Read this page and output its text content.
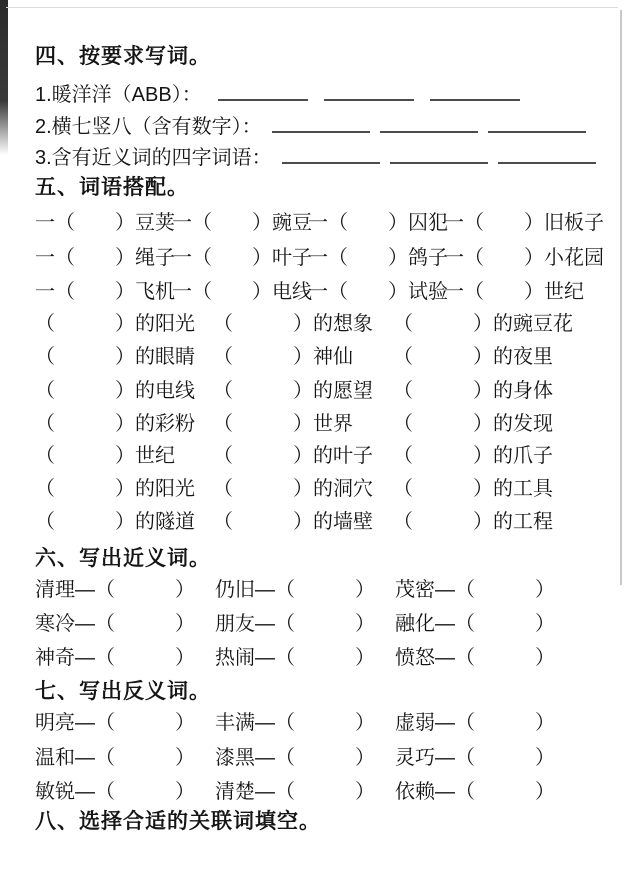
四、按要求写词。
1.暖洋洋（ABB）：
2.横七竖八（含有数字）：
3.含有近义词的四字词语：
五、词语搭配。
一（　　）豆荚
一（　　）豌豆
一（　　）囚犯
一（　　）旧板子
一（　　）绳子
一（　　）叶子
一（　　）鸽子
一（　　）小花园
一（　　）飞机
一（　　）电线
一（　　）试验
一（　　）世纪
（　　　）的阳光 （　　　）的想象 （　　　）的豌豆花
（　　　）的眼睛 （　　　）神仙 （　　　）的夜里
（　　　）的电线 （　　　）的愿望 （　　　）的身体
（　　　）的彩粉 （　　　）世界 （　　　）的发现
（　　　）世纪 （　　　）的叶子 （　　　）的爪子
（　　　）的阳光 （　　　）的洞穴 （　　　）的工具
（　　　）的隧道 （　　　）的墙壁 （　　　）的工程
六、写出近义词。
清理—（　　　） 仍旧—（　　　） 茂密—（　　　）
寒冷—（　　　） 朋友—（　　　） 融化—（　　　）
神奇—（　　　） 热闹—（　　　） 愤怒—（　　　）
七、写出反义词。
明亮—（　　　） 丰满—（　　　） 虚弱—（　　　）
温和—（　　　） 漆黑—（　　　） 灵巧—（　　　）
敏锐—（　　　） 清楚—（　　　） 依赖—（　　　）
八、选择合适的关联词填空。
